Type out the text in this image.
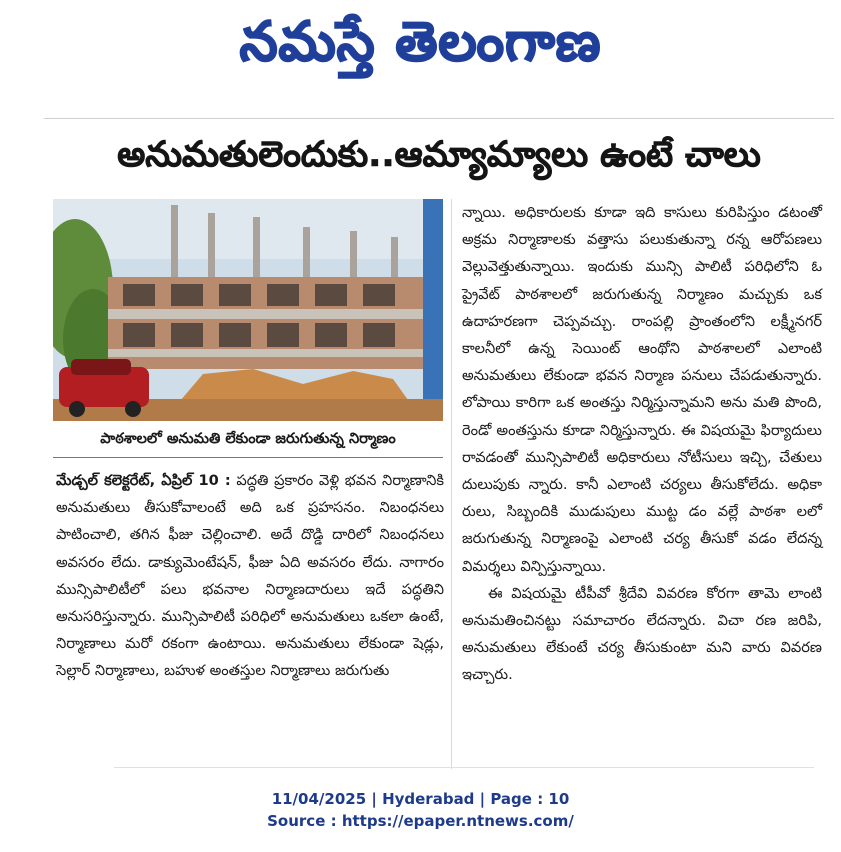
నమస్తే తెలంగాణ
అనుమతులెందుకు..ఆమ్యామ్యాలు ఉంటే చాలు
పాఠశాలలో అనుమతి లేకుండా జరుగుతున్న నిర్మాణం

మేడ్చల్ కలెక్టరేట్, ఏప్రిల్ 10 : పద్ధతి ప్రకారం వెళ్లి భవన నిర్మాణానికి అనుమతులు తీసుకోవాలంటే అది ఒక ప్రహసనం. నిబంధనలు పాటించాలి, తగిన ఫీజు చెల్లించాలి. అదే దొడ్డి దారిలో నిబంధనలు అవసరం లేదు. డాక్యుమెంటేషన్, ఫీజు ఏది అవసరం లేదు. నాగారం మున్సిపాలిటీలో పలు భవనాల నిర్మాణదారులు ఇదే పద్ధతిని అనుసరిస్తున్నారు. మున్సిపాలిటీ పరిధిలో అనుమతులు ఒకలా ఉంటే, నిర్మాణాలు మరో రకంగా ఉంటాయి. అనుమతులు లేకుండా షెడ్లు, సెల్లార్ నిర్మాణాలు, బహుళ అంతస్తుల నిర్మాణాలు జరుగుతు

న్నాయి. అధికారులకు కూడా ఇది కాసులు కురిపిస్తుం డటంతో అక్రమ నిర్మాణాలకు వత్తాసు పలుకుతున్నా రన్న ఆరోపణలు వెల్లువెత్తుతున్నాయి. ఇందుకు మున్సి పాలిటీ పరిధిలోని ఓ ప్రైవేట్ పాఠశాలలో జరుగుతున్న నిర్మాణం మచ్చుకు ఒక ఉదాహరణగా చెప్పవచ్చు. రాంపల్లి ప్రాంతంలోని లక్ష్మీనగర్ కాలనీలో ఉన్న సెయింట్ ఆంథోని పాఠశాలలో ఎలాంటి అనుమతులు లేకుండా భవన నిర్మాణ పనులు చేపడుతున్నారు. లోపాయి కారిగా ఒక అంతస్తు నిర్మిస్తున్నామని అను మతి పొంది, రెండో అంతస్తును కూడా నిర్మిస్తున్నారు. ఈ విషయమై ఫిర్యాదులు రావడంతో మున్సిపాలిటీ అధికారులు నోటీసులు ఇచ్చి, చేతులు దులుపుకు న్నారు. కానీ ఎలాంటి చర్యలు తీసుకోలేదు. అధికా రులు, సిబ్బందికి ముడుపులు ముట్ట డం వల్లే పాఠశా లలో జరుగుతున్న నిర్మాణంపై ఎలాంటి చర్య తీసుకో వడం లేదన్న విమర్శలు విన్పిస్తున్నాయి.

ఈ విషయమై టీపీవో శ్రీదేవి వివరణ కోరగా తామె లాంటి అనుమతించినట్టు సమాచారం లేదన్నారు. విచా రణ జరిపి, అనుమతులు లేకుంటే చర్య తీసుకుంటా మని వారు వివరణ ఇచ్చారు.

11/04/2025 | Hyderabad | Page : 10
Source : https://epaper.ntnews.com/
